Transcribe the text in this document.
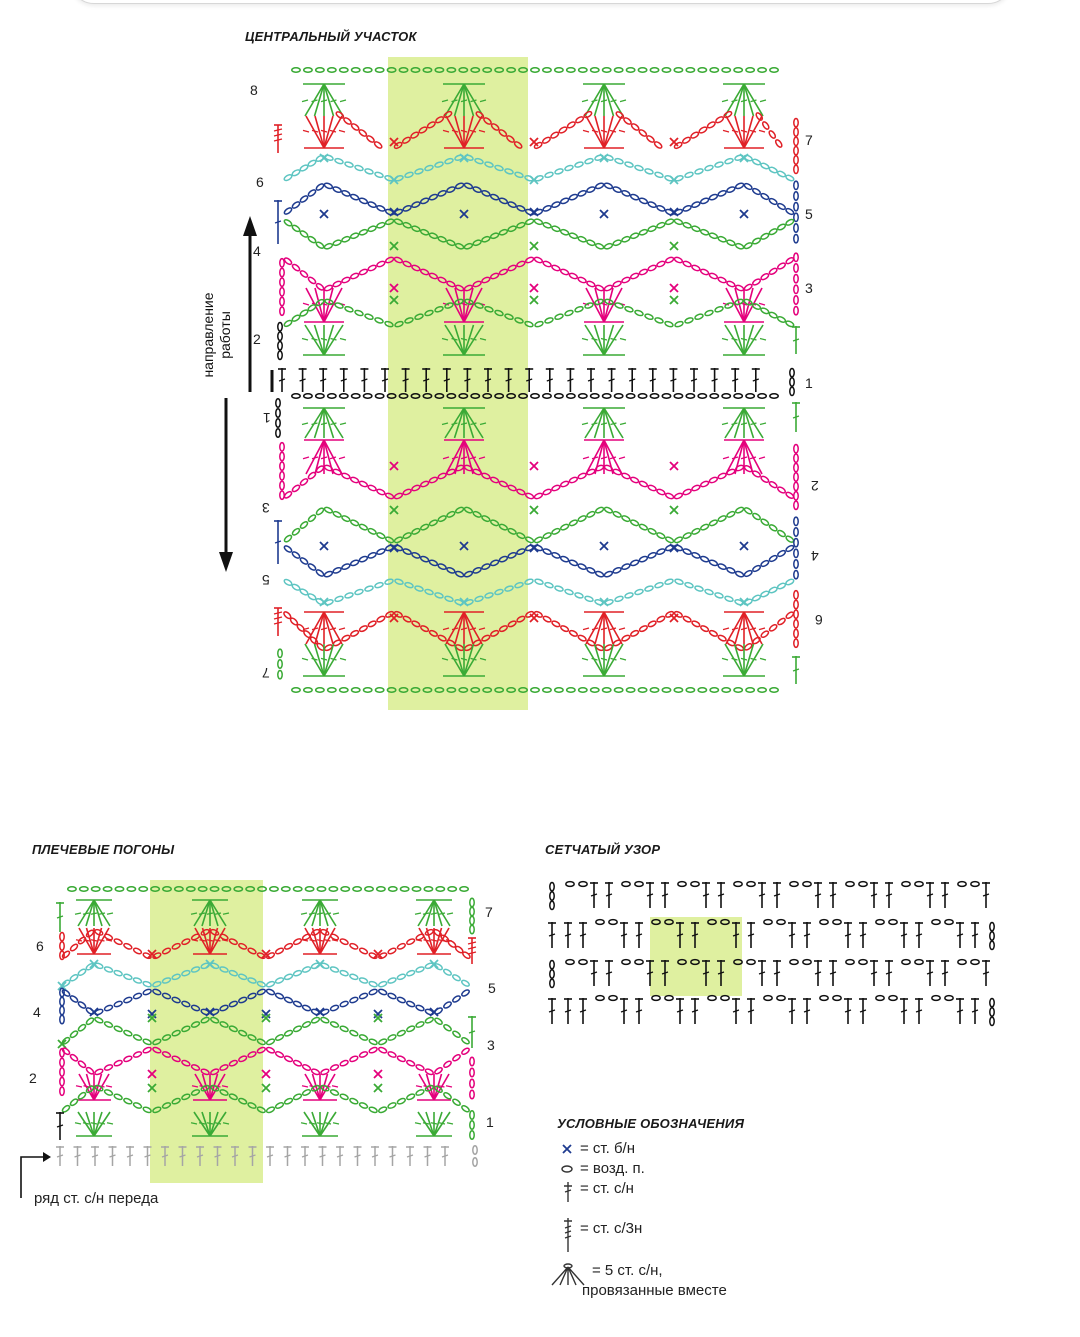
ЦЕНТРАЛЬНЫЙ УЧАСТОК
ПЛЕЧЕВЫЕ ПОГОНЫ	СЕТЧАТЫЙ УЗОР
УСЛОВНЫЕ ОБОЗНАЧЕНИЯ
направление работы
8
6
4
2
7
5
3
1
1
3
5
7
2
4
6
6
4
2
7
5
3
1
ряд ст. с/н переда
= ст. б/н
= возд. п.
= ст. с/н
= ст. с/3н
= 5 ст. с/н,
провязанные вместе
